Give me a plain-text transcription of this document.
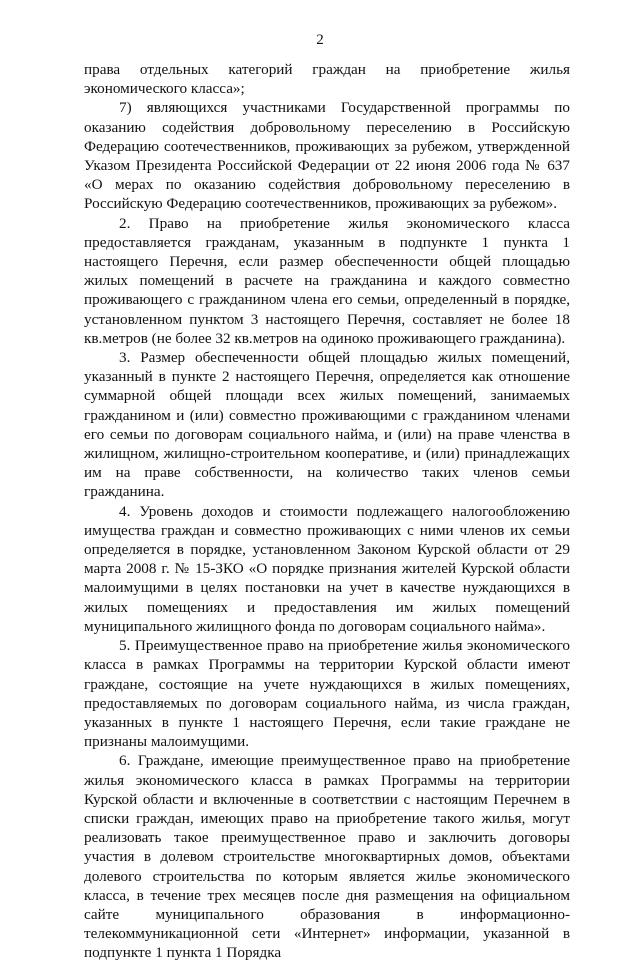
2

права отдельных категорий граждан на приобретение жилья экономического класса»;

7) являющихся участниками Государственной программы по оказанию содействия добровольному переселению в Российскую Федерацию соотечественников, проживающих за рубежом, утвержденной Указом Президента Российской Федерации от 22 июня 2006 года № 637 «О мерах по оказанию содействия добровольному переселению в Российскую Федерацию соотечественников, проживающих за рубежом».

2. Право на приобретение жилья экономического класса предоставляется гражданам, указанным в подпункте 1 пункта 1 настоящего Перечня, если размер обеспеченности общей площадью жилых помещений в расчете на гражданина и каждого совместно проживающего с гражданином члена его семьи, определенный в порядке, установленном пунктом 3 настоящего Перечня, составляет не более 18 кв.метров (не более 32 кв.метров на одиноко проживающего гражданина).

3. Размер обеспеченности общей площадью жилых помещений, указанный в пункте 2 настоящего Перечня, определяется как отношение суммарной общей площади всех жилых помещений, занимаемых гражданином и (или) совместно проживающими с гражданином членами его семьи по договорам социального найма, и (или) на праве членства в жилищном, жилищно-строительном кооперативе, и (или) принадлежащих им на праве собственности, на количество таких членов семьи гражданина.

4. Уровень доходов и стоимости подлежащего налогообложению имущества граждан и совместно проживающих с ними членов их семьи определяется в порядке, установленном Законом Курской области от 29 марта 2008 г. № 15-ЗКО «О порядке признания жителей Курской области малоимущими в целях постановки на учет в качестве нуждающихся в жилых помещениях и предоставления им жилых помещений муниципального жилищного фонда по договорам социального найма».

5. Преимущественное право на приобретение жилья экономического класса в рамках Программы на территории Курской области имеют граждане, состоящие на учете нуждающихся в жилых помещениях, предоставляемых по договорам социального найма, из числа граждан, указанных в пункте 1 настоящего Перечня, если такие граждане не признаны малоимущими.

6. Граждане, имеющие преимущественное право на приобретение жилья экономического класса в рамках Программы на территории Курской области и включенные в соответствии с настоящим Перечнем в списки граждан, имеющих право на приобретение такого жилья, могут реализовать такое преимущественное право и заключить договоры участия в долевом строительстве многоквартирных домов, объектами долевого строительства по которым является жилье экономического класса, в течение трех месяцев после дня размещения на официальном сайте муниципального образования в информационно-телекоммуникационной сети «Интернет» информации, указанной в подпункте 1 пункта 1 Порядка
